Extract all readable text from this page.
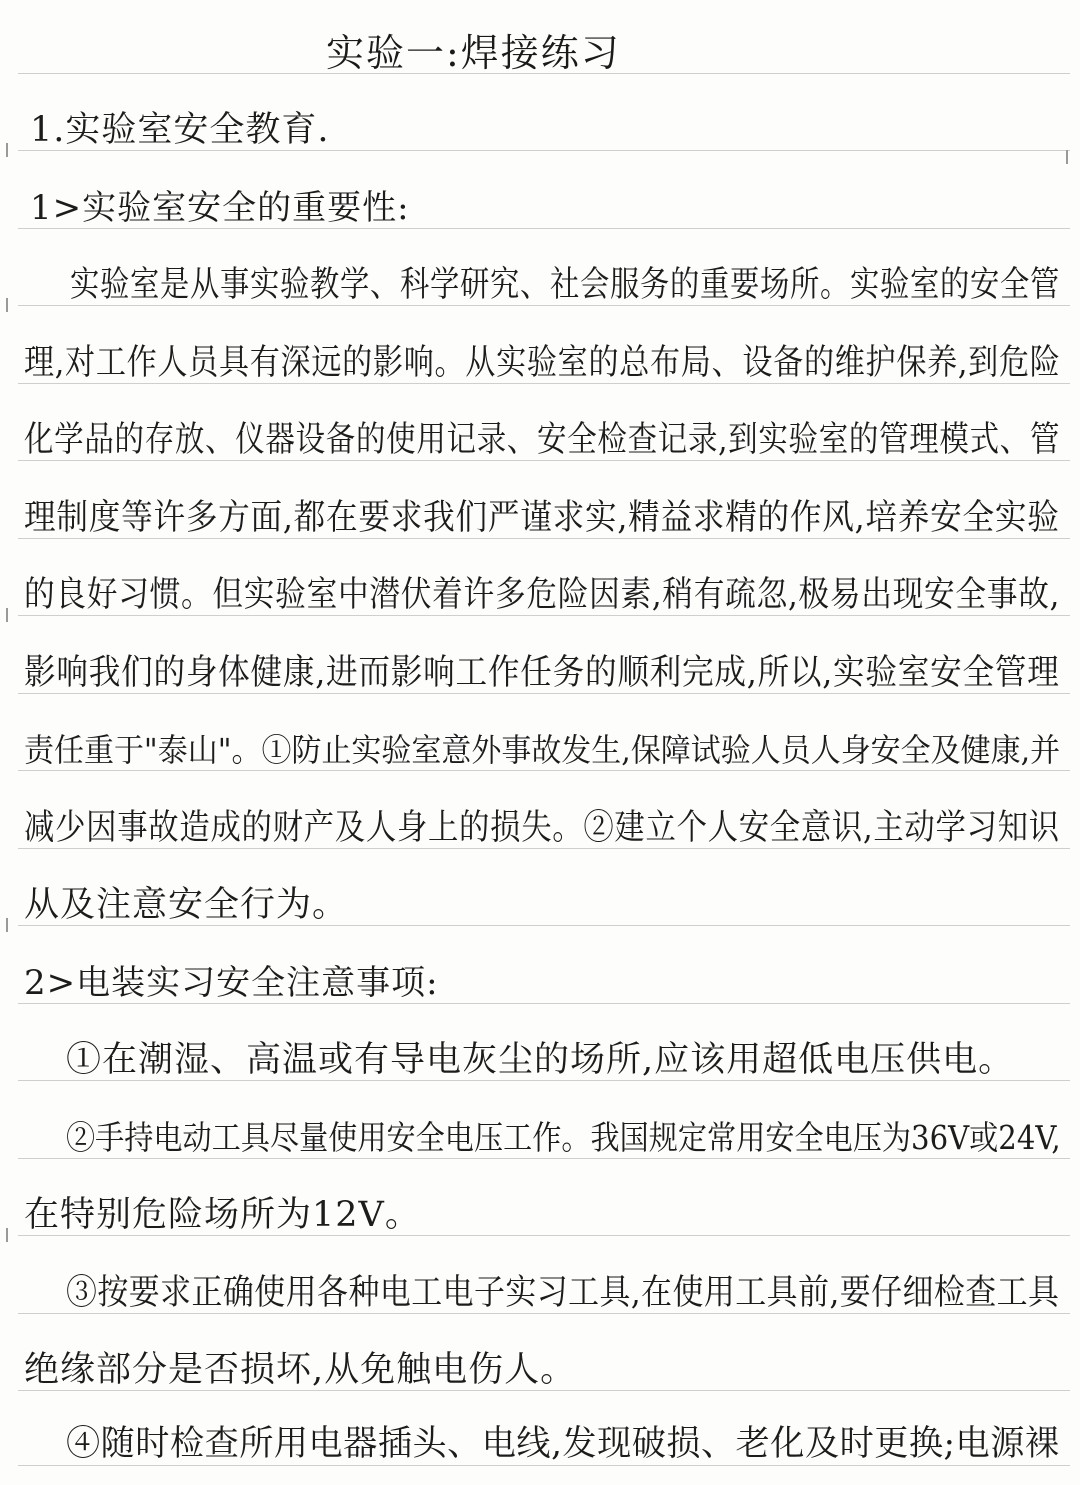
实验一:焊接练习
1.实验室安全教育.
1>实验室安全的重要性:
实验室是从事实验教学、科学研究、社会服务的重要场所。实验室的安全管
理,对工作人员具有深远的影响。从实验室的总布局、设备的维护保养,到危险
化学品的存放、仪器设备的使用记录、安全检查记录,到实验室的管理模式、管
理制度等许多方面,都在要求我们严谨求实,精益求精的作风,培养安全实验
的良好习惯。但实验室中潜伏着许多危险因素,稍有疏忽,极易出现安全事故,
影响我们的身体健康,进而影响工作任务的顺利完成,所以,实验室安全管理
责任重于"泰山"。①防止实验室意外事故发生,保障试验人员人身安全及健康,并
减少因事故造成的财产及人身上的损失。②建立个人安全意识,主动学习知识
从及注意安全行为。
2>电装实习安全注意事项:
①在潮湿、高温或有导电灰尘的场所,应该用超低电压供电。
②手持电动工具尽量使用安全电压工作。我国规定常用安全电压为36V或24V,
在特别危险场所为12V。
③按要求正确使用各种电工电子实习工具,在使用工具前,要仔细检查工具
绝缘部分是否损坏,从免触电伤人。
④随时检查所用电器插头、电线,发现破损、老化及时更换;电源裸
